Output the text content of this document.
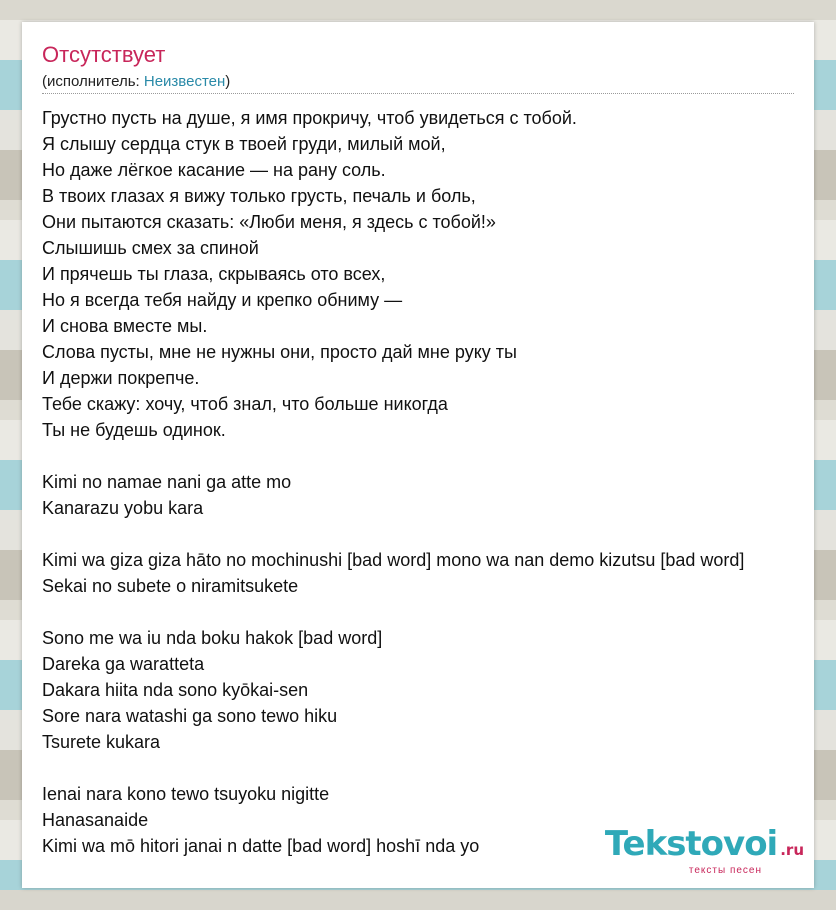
Отсутствует
(исполнитель: Неизвестен)
Грустно пусть на душе, я имя прокричу, чтоб увидеться с тобой.
Я слышу сердца стук в твоей груди, милый мой,
Но даже лёгкое касание — на рану соль.
В твоих глазах я вижу только грусть, печаль и боль,
Они пытаются сказать: «Люби меня, я здесь с тобой!»
Слышишь смех за спиной
И прячешь ты глаза, скрываясь ото всех,
Но я всегда тебя найду и крепко обниму —
И снова вместе мы.
Слова пусты, мне не нужны они, просто дай мне руку ты
И держи покрепче.
Тебе скажу: хочу, чтоб знал, что больше никогда
Ты не будешь одинок.
Kimi no namae nani ga atte mo
Kanarazu yobu kara
Kimi wa giza giza hāto no mochinushi [bad word] mono wa nan demo kizutsu [bad word]
Sekai no subete o niramitsukete
Sono me wa iu nda boku hakok [bad word]
Dareka ga waratteta
Dakara hiita nda sono kyōkai-sen
Sore nara watashi ga sono tewo hiku
Tsurete kukara
Ienai nara kono tewo tsuyoku nigitte
Hanasanaide
Kimi wa mō hitori janai n datte [bad word] hoshī nda yo	Tekstovoi .ru
тексты песен
